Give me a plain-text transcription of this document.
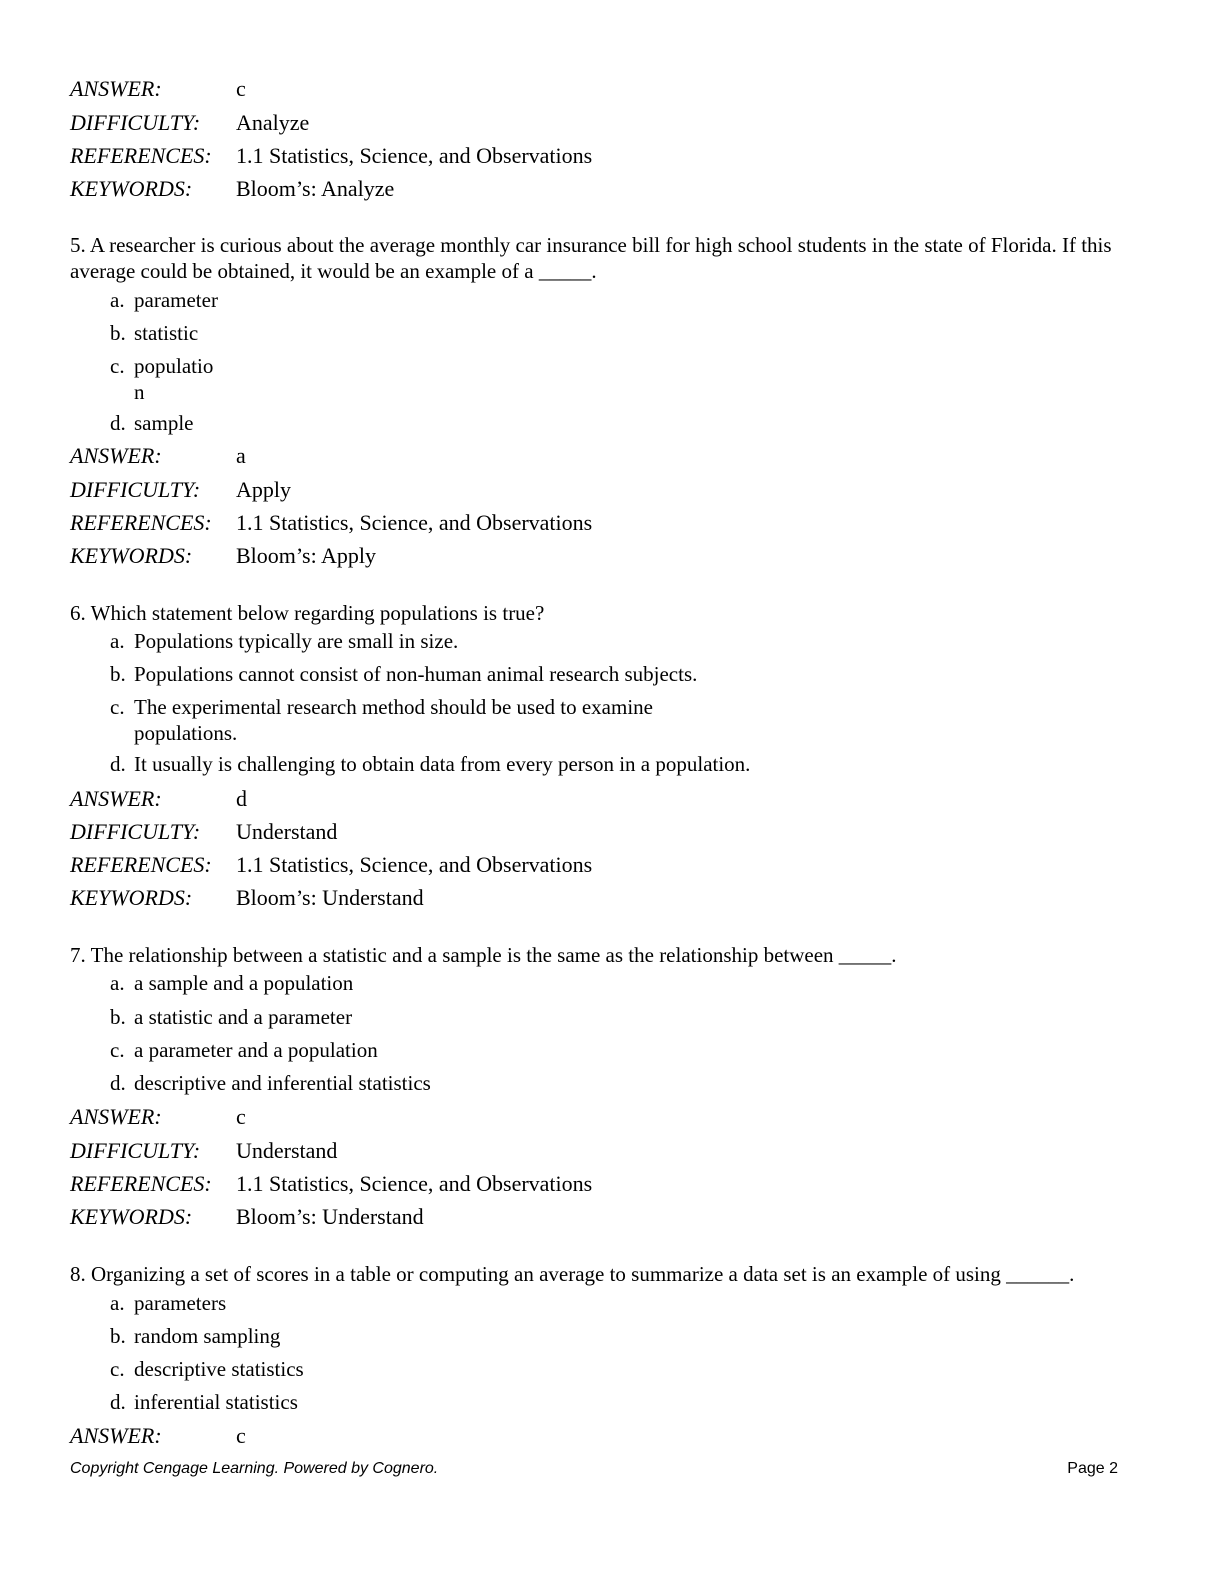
ANSWER:	c
DIFFICULTY: Analyze
REFERENCES: 1.1 Statistics, Science, and Observations
KEYWORDS: Bloom’s: Analyze
5. A researcher is curious about the average monthly car insurance bill for high school students in the state of Florida. If this average could be obtained, it would be an example of a _____.
a. parameter
b. statistic
c. population
d. sample
ANSWER:	a
DIFFICULTY: Apply
REFERENCES: 1.1 Statistics, Science, and Observations
KEYWORDS: Bloom’s: Apply
6. Which statement below regarding populations is true?
a. Populations typically are small in size.
b. Populations cannot consist of non-human animal research subjects.
c. The experimental research method should be used to examine populations.
d. It usually is challenging to obtain data from every person in a population.
ANSWER:	d
DIFFICULTY: Understand
REFERENCES: 1.1 Statistics, Science, and Observations
KEYWORDS: Bloom’s: Understand
7. The relationship between a statistic and a sample is the same as the relationship between _____.
a. a sample and a population
b. a statistic and a parameter
c. a parameter and a population
d. descriptive and inferential statistics
ANSWER:	c
DIFFICULTY: Understand
REFERENCES: 1.1 Statistics, Science, and Observations
KEYWORDS: Bloom’s: Understand
8. Organizing a set of scores in a table or computing an average to summarize a data set is an example of using ______.
a. parameters
b. random sampling
c. descriptive statistics
d. inferential statistics
ANSWER:	c
Copyright Cengage Learning. Powered by Cognero.	Page 2
